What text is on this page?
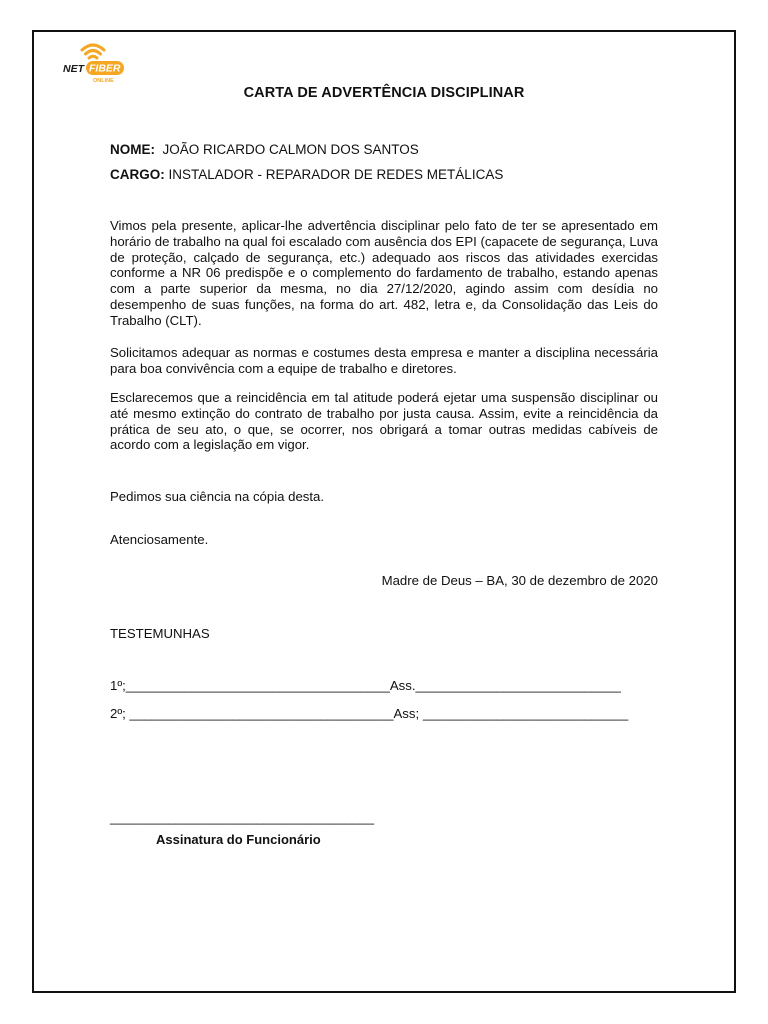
NET FIBER
ONLINE
CARTA DE ADVERTÊNCIA DISCIPLINAR
NOME: JOÃO RICARDO CALMON DOS SANTOS
CARGO: INSTALADOR - REPARADOR DE REDES METÁLICAS
Vimos pela presente, aplicar-lhe advertência disciplinar pelo fato de ter se apresentado em horário de trabalho na qual foi escalado com ausência dos EPI (capacete de segurança, Luva de proteção, calçado de segurança, etc.) adequado aos riscos das atividades exercidas conforme a NR 06 predispõe e o complemento do fardamento de trabalho, estando apenas com a parte superior da mesma, no dia 27/12/2020, agindo assim com desídia no desempenho de suas funções, na forma do art. 482, letra e, da Consolidação das Leis do Trabalho (CLT).
Solicitamos adequar as normas e costumes desta empresa e manter a disciplina necessária para boa convivência com a equipe de trabalho e diretores.
Esclarecemos que a reincidência em tal atitude poderá ejetar uma suspensão disciplinar ou até mesmo extinção do contrato de trabalho por justa causa. Assim, evite a reincidência da prática de seu ato, o que, se ocorrer, nos obrigará a tomar outras medidas cabíveis de acordo com a legislação em vigor.
Pedimos sua ciência na cópia desta.
Atenciosamente.
Madre de Deus – BA, 30 de dezembro de 2020
TESTEMUNHAS
1º;____________________________________Ass.____________________________
2º; ____________________________________Ass; ____________________________
____________________________________
Assinatura do Funcionário
